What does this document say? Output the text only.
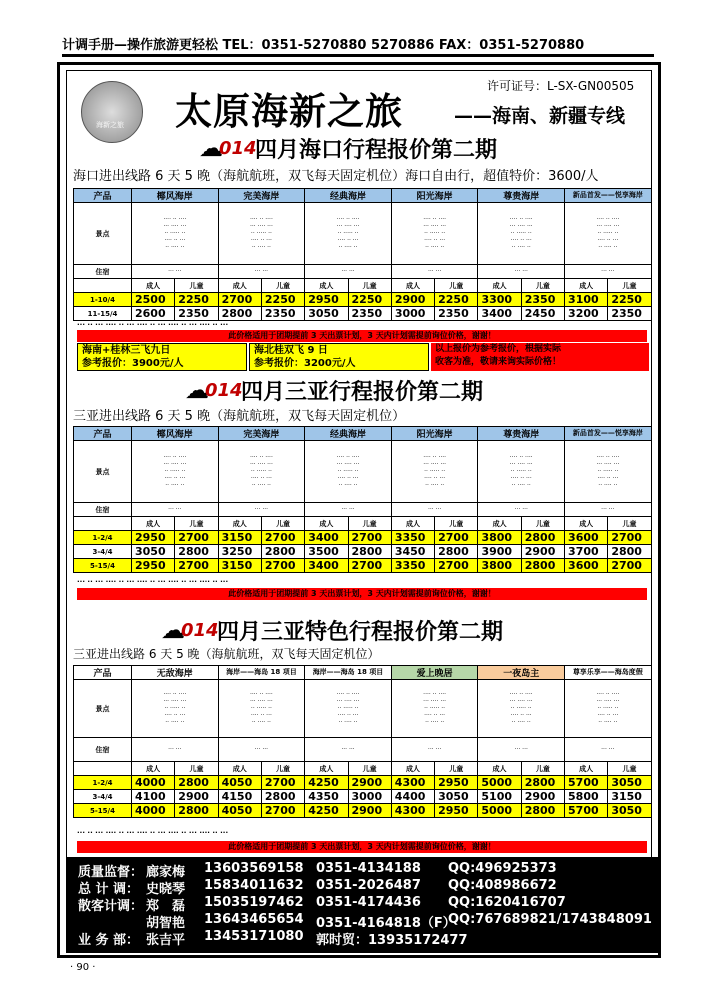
计调手册—操作旅游更轻松 TEL：0351-5270880 5270886 FAX：0351-5270880
海新之旅
许可证号：L-SX-GN00505
太原海新之旅	——海南、新疆专线
☁
014
四月海口行程报价第二期
海口进出线路 6 天 5 晚（海航航班，双飞每天固定机位）海口自由行，超值特价：3600/人
产品	椰风海岸		完美海岸		经典海岸		阳光海岸		尊贵海岸		新品首发——悦享海岸	
景点	···· ·· ····
··· ···· ···
·· ····· ··
···· ·· ···
·· ···· ··		···· ·· ····
··· ···· ···
·· ····· ··
···· ·· ···
·· ···· ··		···· ·· ····
··· ···· ···
·· ····· ··
···· ·· ···
·· ···· ··		···· ·· ····
··· ···· ···
·· ····· ··
···· ·· ···
·· ···· ··		···· ·· ····
··· ···· ···
·· ····· ··
···· ·· ···
·· ···· ··		···· ·· ····
··· ···· ···
·· ····· ··
···· ·· ···
·· ···· ··	
住宿	··· ···		··· ···		··· ···		··· ···		··· ···		··· ···	
	成人	儿童	成人	儿童	成人	儿童	成人	儿童	成人	儿童	成人	儿童
1-10/4	2500	2250	2700	2250	2950	2250	2900	2250	3300	2350	3100	2250
11-15/4	2600	2350	2800	2350	3050	2350	3000	2350	3400	2450	3200	2350
··· ·· ··· ···· ·· ··· ···· ·· ··· ···· ·· ··· ···· ·· ···
此价格适用于团期提前 3 天出票计划，3 天内计划需提前询位价格，谢谢！
海南+桂林三飞九日
参考报价：3900元/人
海北桂双飞 9 日
参考报价：3200元/人
以上报价为参考报价，根据实际
收客为准，敬请来询实际价格！
☁
014
四月三亚行程报价第二期
三亚进出线路 6 天 5 晚（海航航班，双飞每天固定机位）
产品	椰风海岸		完美海岸		经典海岸		阳光海岸		尊贵海岸		新品首发——悦享海岸	
景点	···· ·· ····
··· ···· ···
·· ····· ··
···· ·· ···
·· ···· ··		···· ·· ····
··· ···· ···
·· ····· ··
···· ·· ···
·· ···· ··		···· ·· ····
··· ···· ···
·· ····· ··
···· ·· ···
·· ···· ··		···· ·· ····
··· ···· ···
·· ····· ··
···· ·· ···
·· ···· ··		···· ·· ····
··· ···· ···
·· ····· ··
···· ·· ···
·· ···· ··		···· ·· ····
··· ···· ···
·· ····· ··
···· ·· ···
·· ···· ··	
住宿	··· ···		··· ···		··· ···		··· ···		··· ···		··· ···	
	成人	儿童	成人	儿童	成人	儿童	成人	儿童	成人	儿童	成人	儿童
1-2/4	2950	2700	3150	2700	3400	2700	3350	2700	3800	2800	3600	2700
3-4/4	3050	2800	3250	2800	3500	2800	3450	2800	3900	2900	3700	2800
5-15/4	2950	2700	3150	2700	3400	2700	3350	2700	3800	2800	3600	2700
··· ·· ··· ···· ·· ··· ···· ·· ··· ···· ·· ··· ···· ·· ···
此价格适用于团期提前 3 天出票计划，3 天内计划需提前询位价格，谢谢！
☁
014
四月三亚特色行程报价第二期
三亚进出线路 6 天 5 晚（海航航班，双飞每天固定机位）
产品	无敌海岸		海岸——海岛 18 项目		海岸——海岛 18 项目		爱上晚居		一夜岛主		尊享乐享——海岛度假	
景点	···· ·· ····
··· ···· ···
·· ····· ··
···· ·· ···
·· ···· ··		···· ·· ····
··· ···· ···
·· ····· ··
···· ·· ···
·· ···· ··		···· ·· ····
··· ···· ···
·· ····· ··
···· ·· ···
·· ···· ··		···· ·· ····
··· ···· ···
·· ····· ··
···· ·· ···
·· ···· ··		···· ·· ····
··· ···· ···
·· ····· ··
···· ·· ···
·· ···· ··		···· ·· ····
··· ···· ···
·· ····· ··
···· ·· ···
·· ···· ··	
住宿	··· ···		··· ···		··· ···		··· ···		··· ···		··· ···	
	成人	儿童	成人	儿童	成人	儿童	成人	儿童	成人	儿童	成人	儿童
1-2/4	4000	2800	4050	2700	4250	2900	4300	2950	5000	2800	5700	3050
3-4/4	4100	2900	4150	2800	4350	3000	4400	3050	5100	2900	5800	3150
5-15/4	4000	2800	4050	2700	4250	2900	4300	2950	5000	2800	5700	3050
··· ·· ··· ···· ·· ··· ···· ·· ··· ···· ·· ··· ···· ·· ···
此价格适用于团期提前 3 天出票计划，3 天内计划需提前询位价格，谢谢！
质量监督： 廊家梅 13603569158 0351-4134188 QQ:496925373
总 计 调： 史晓琴 15834011632 0351-2026487 QQ:408986672
散客计调： 郑　磊 15035197462 0351-4174436 QQ:1620416707
胡智艳 13643465654 0351-4164818（F）
QQ:767689821/1743848091
业 务 部： 张吉平 13453171080 郭时贸：13935172477
· 90 ·
